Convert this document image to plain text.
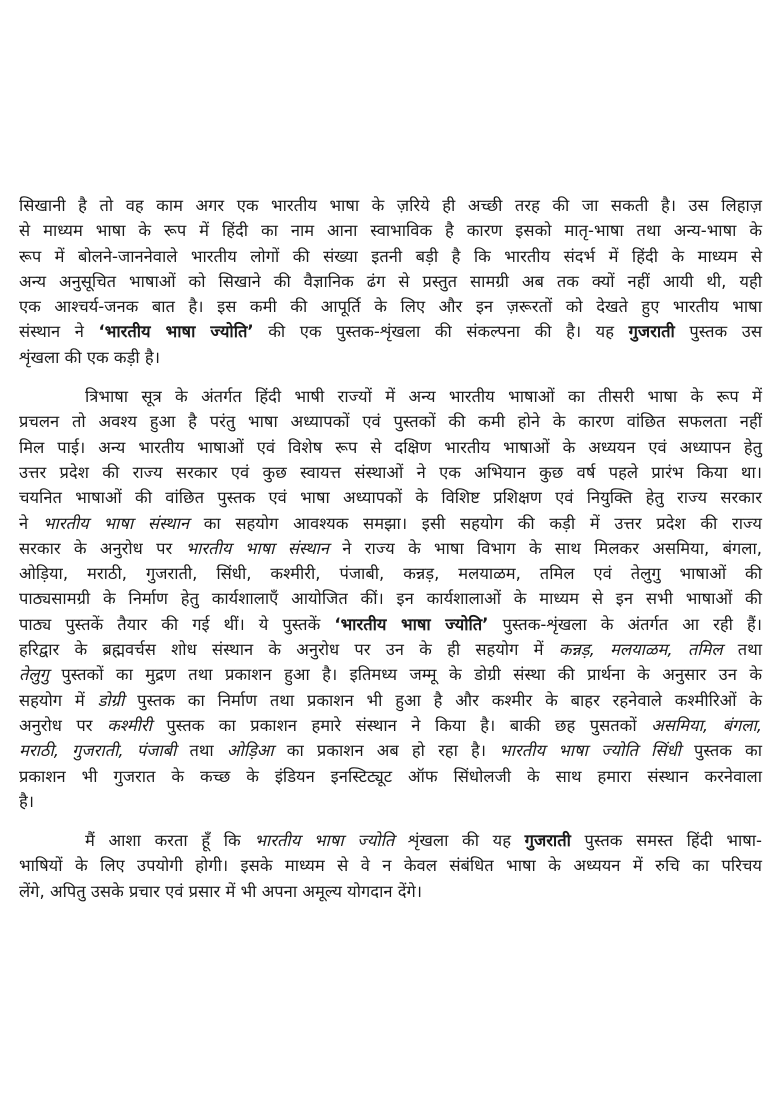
सिखानी है तो वह काम अगर एक भारतीय भाषा के ज़रिये ही अच्छी तरह की जा सकती है। उस लिहाज़
से माध्यम भाषा के रूप में हिंदी का नाम आना स्वाभाविक है कारण इसको मातृ-भाषा तथा अन्य-भाषा के
रूप में बोलने-जाननेवाले भारतीय लोगों की संख्या इतनी बड़ी है कि भारतीय संदर्भ में हिंदी के माध्यम से
अन्य अनुसूचित भाषाओं को सिखाने की वैज्ञानिक ढंग से प्रस्तुत सामग्री अब तक क्यों नहीं आयी थी, यही
एक आश्चर्य-जनक बात है। इस कमी की आपूर्ति के लिए और इन ज़रूरतों को देखते हुए भारतीय भाषा
संस्थान ने ‘भारतीय भाषा ज्योति’ की एक पुस्तक-शृंखला की संकल्पना की है। यह गुजराती पुस्तक उस
शृंखला की एक कड़ी है।
त्रिभाषा सूत्र के अंतर्गत हिंदी भाषी राज्यों में अन्य भारतीय भाषाओं का तीसरी भाषा के रूप में
प्रचलन तो अवश्य हुआ है परंतु भाषा अध्यापकों एवं पुस्तकों की कमी होने के कारण वांछित सफलता नहीं
मिल पाई। अन्य भारतीय भाषाओं एवं विशेष रूप से दक्षिण भारतीय भाषाओं के अध्ययन एवं अध्यापन हेतु
उत्तर प्रदेश की राज्य सरकार एवं कुछ स्वायत्त संस्थाओं ने एक अभियान कुछ वर्ष पहले प्रारंभ किया था।
चयनित भाषाओं की वांछित पुस्तक एवं भाषा अध्यापकों के विशिष्ट प्रशिक्षण एवं नियुक्ति हेतु राज्य सरकार
ने भारतीय भाषा संस्थान का सहयोग आवश्यक समझा। इसी सहयोग की कड़ी में उत्तर प्रदेश की राज्य
सरकार के अनुरोध पर भारतीय भाषा संस्थान ने राज्य के भाषा विभाग के साथ मिलकर असमिया, बंगला,
ओड़िया, मराठी, गुजराती, सिंधी, कश्मीरी, पंजाबी, कन्नड़, मलयाळम, तमिल एवं तेलुगु भाषाओं की
पाठ्यसामग्री के निर्माण हेतु कार्यशालाएँ आयोजित कीं। इन कार्यशालाओं के माध्यम से इन सभी भाषाओं की
पाठ्य पुस्तकें तैयार की गई थीं। ये पुस्तकें ‘भारतीय भाषा ज्योति’ पुस्तक-शृंखला के अंतर्गत आ रही हैं।
हरिद्वार के ब्रह्मवर्चस शोध संस्थान के अनुरोध पर उन के ही सहयोग में कन्नड़, मलयाळम, तमिल तथा
तेलुगु पुस्तकों का मुद्रण तथा प्रकाशन हुआ है। इतिमध्य जम्मू के डोग्री संस्था की प्रार्थना के अनुसार उन के
सहयोग में डोग्री पुस्तक का निर्माण तथा प्रकाशन भी हुआ है और कश्मीर के बाहर रहनेवाले कश्मीरिओं के
अनुरोध पर कश्मीरी पुस्तक का प्रकाशन हमारे संस्थान ने किया है। बाकी छह पुसतकों असमिया, बंगला,
मराठी, गुजराती, पंजाबी तथा ओड़िआ का प्रकाशन अब हो रहा है। भारतीय भाषा ज्योति सिंधी पुस्तक का
प्रकाशन भी गुजरात के कच्छ के इंडियन इनस्टिट्यूट ऑफ सिंधोलजी के साथ हमारा संस्थान करनेवाला
है।
मैं आशा करता हूँ कि भारतीय भाषा ज्योति शृंखला की यह गुजराती पुस्तक समस्त हिंदी भाषा-
भाषियों के लिए उपयोगी होगी। इसके माध्यम से वे न केवल संबंधित भाषा के अध्ययन में रुचि का परिचय
लेंगे, अपितु उसके प्रचार एवं प्रसार में भी अपना अमूल्य योगदान देंगे।
